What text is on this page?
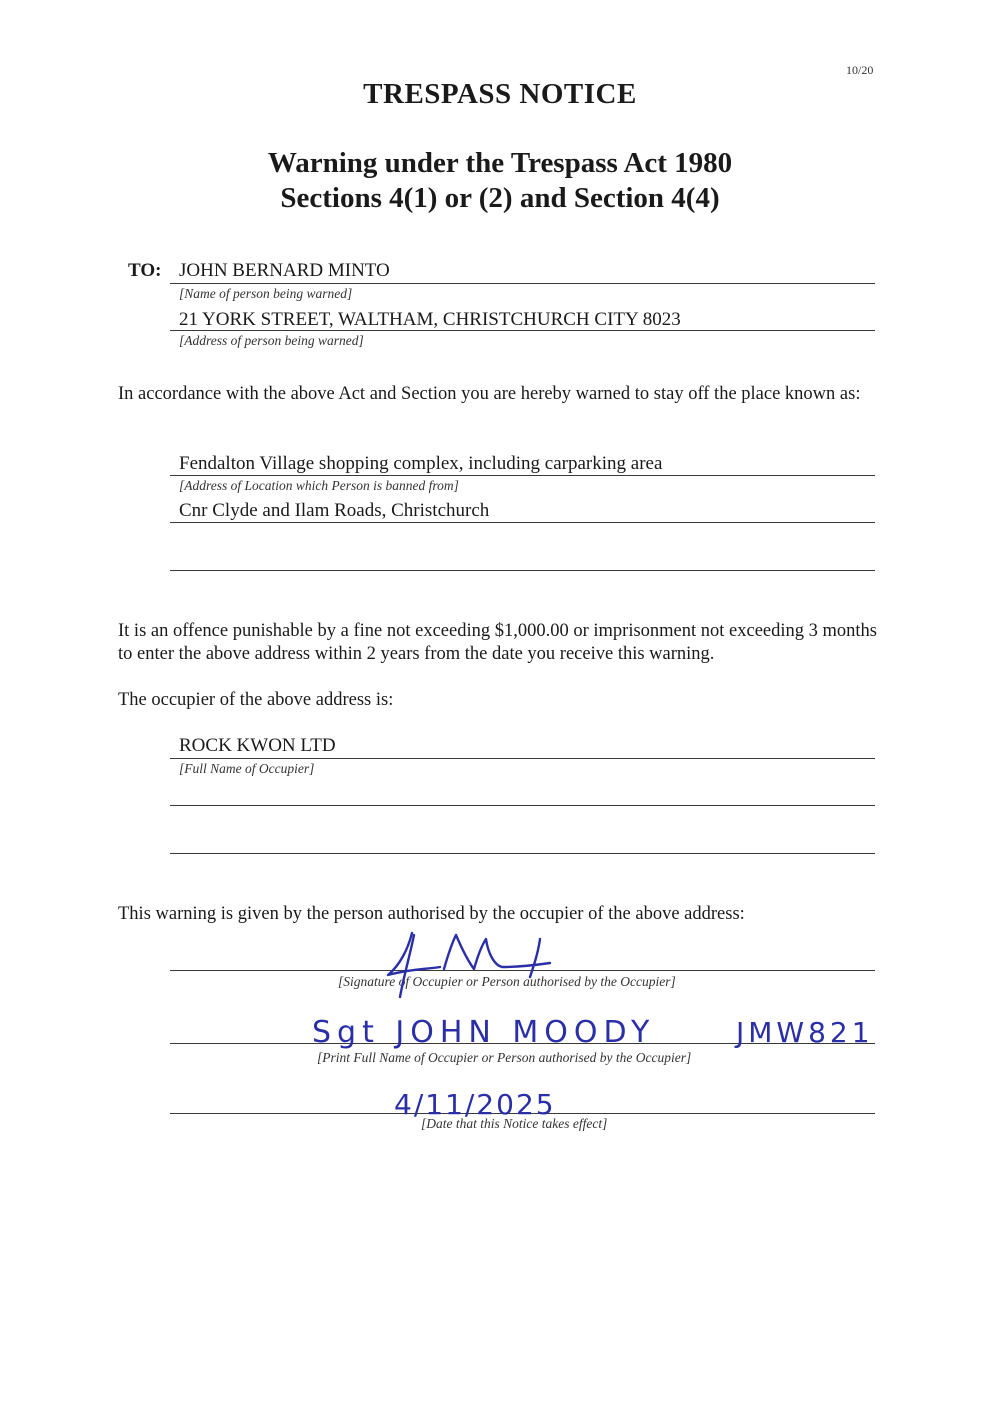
10/20
TRESPASS NOTICE
Warning under the Trespass Act 1980
Sections 4(1) or (2) and Section 4(4)
TO: JOHN BERNARD MINTO
[Name of person being warned]
21 YORK STREET, WALTHAM, CHRISTCHURCH CITY 8023
[Address of person being warned]
In accordance with the above Act and Section you are hereby warned to stay off the place known as:
Fendalton Village shopping complex, including carparking area
[Address of Location which Person is banned from]
Cnr Clyde and Ilam Roads, Christchurch
It is an offence punishable by a fine not exceeding $1,000.00 or imprisonment not exceeding 3 months to enter the above address within 2 years from the date you receive this warning.
The occupier of the above address is:
ROCK KWON LTD
[Full Name of Occupier]
This warning is given by the person authorised by the occupier of the above address:
[Signature of Occupier or Person authorised by the Occupier]
[Print Full Name of Occupier or Person authorised by the Occupier]
Sgt JOHN MOODY	JMW821
[Date that this Notice takes effect]
4/11/2025
